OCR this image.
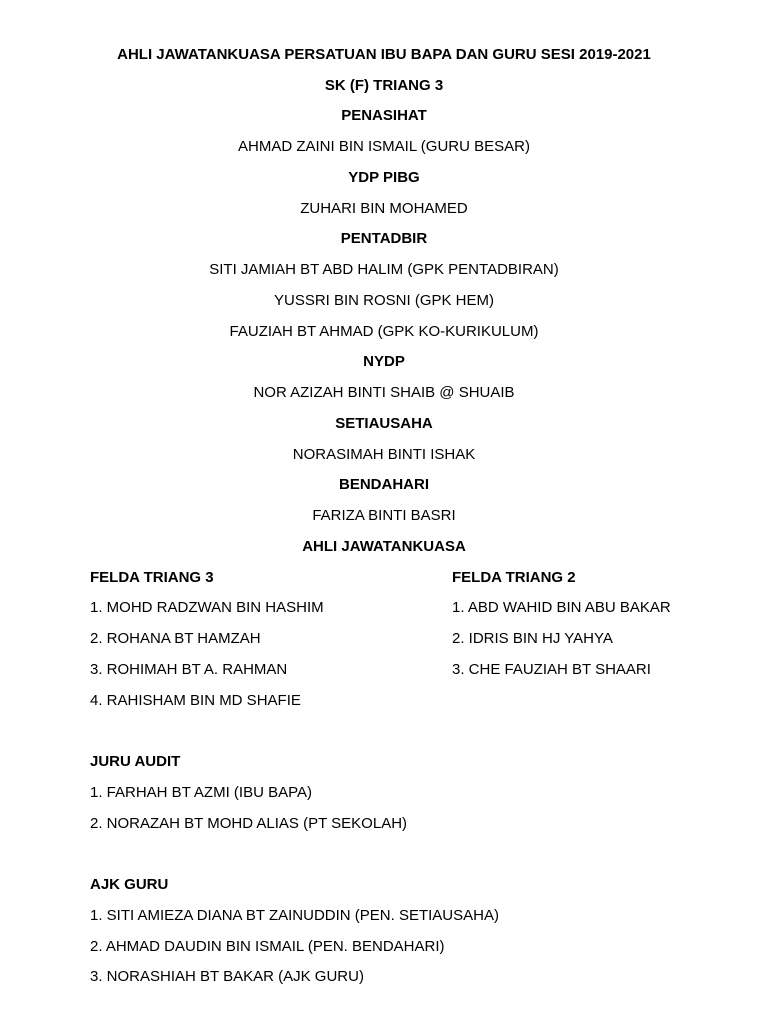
AHLI JAWATANKUASA PERSATUAN IBU BAPA DAN GURU SESI 2019-2021
SK (F) TRIANG 3
PENASIHAT
AHMAD ZAINI BIN ISMAIL (GURU BESAR)
YDP PIBG
ZUHARI BIN MOHAMED
PENTADBIR
SITI JAMIAH BT ABD HALIM (GPK PENTADBIRAN)
YUSSRI BIN ROSNI (GPK HEM)
FAUZIAH BT AHMAD (GPK KO-KURIKULUM)
NYDP
NOR AZIZAH BINTI SHAIB @ SHUAIB
SETIAUSAHA
NORASIMAH BINTI ISHAK
BENDAHARI
FARIZA BINTI BASRI
AHLI JAWATANKUASA
FELDA TRIANG 3
1. MOHD RADZWAN BIN HASHIM
2. ROHANA BT HAMZAH
3. ROHIMAH BT A. RAHMAN
4. RAHISHAM BIN MD SHAFIE
FELDA TRIANG 2
1. ABD WAHID BIN ABU BAKAR
2. IDRIS BIN HJ YAHYA
3. CHE FAUZIAH BT SHAARI
JURU AUDIT
1. FARHAH BT AZMI (IBU BAPA)
2. NORAZAH BT MOHD ALIAS (PT SEKOLAH)
AJK GURU
1. SITI AMIEZA DIANA BT ZAINUDDIN (PEN. SETIAUSAHA)
2. AHMAD DAUDIN BIN ISMAIL (PEN. BENDAHARI)
3. NORASHIAH BT BAKAR (AJK GURU)
